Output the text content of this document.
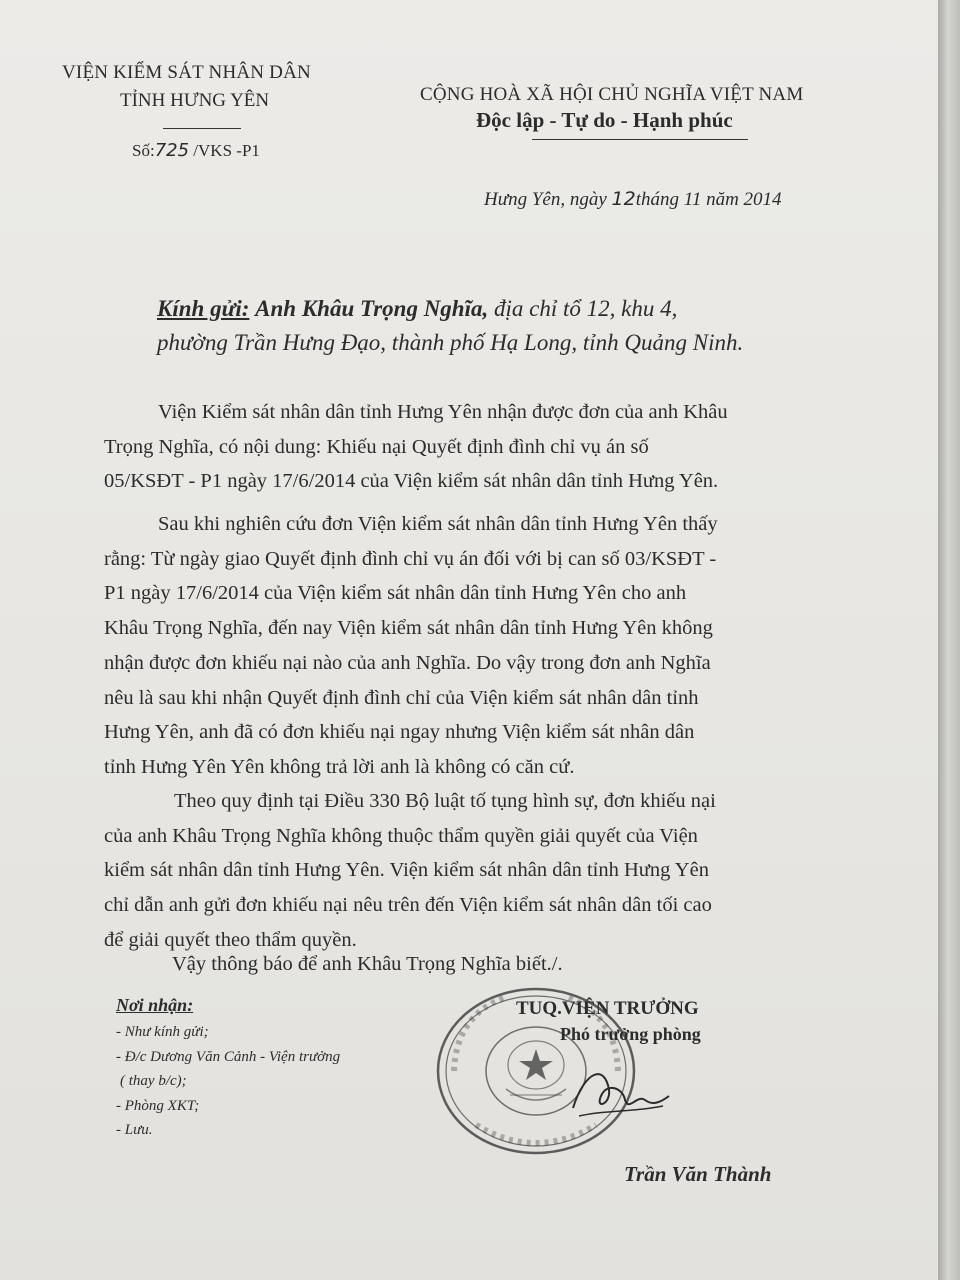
VIỆN KIỂM SÁT NHÂN DÂN
TỈNH HƯNG YÊN
Số:725 /VKS -P1
CỘNG HOÀ XÃ HỘI CHỦ NGHĨA VIỆT NAM
Độc lập - Tự do - Hạnh phúc
Hưng Yên, ngày 12tháng 11 năm 2014
Kính gửi: Anh Khâu Trọng Nghĩa, địa chỉ tổ 12, khu 4,
phường Trần Hưng Đạo, thành phố Hạ Long, tỉnh Quảng Ninh.
Viện Kiểm sát nhân dân tỉnh Hưng Yên nhận được đơn của anh Khâu
Trọng Nghĩa, có nội dung: Khiếu nại Quyết định đình chỉ vụ án số
05/KSĐT - P1 ngày 17/6/2014 của Viện kiểm sát nhân dân tỉnh Hưng Yên.
Sau khi nghiên cứu đơn Viện kiểm sát nhân dân tỉnh Hưng Yên thấy
rằng: Từ ngày giao Quyết định đình chỉ vụ án đối với bị can số 03/KSĐT -
P1 ngày 17/6/2014 của Viện kiểm sát nhân dân tỉnh Hưng Yên cho anh
Khâu Trọng Nghĩa, đến nay Viện kiểm sát nhân dân tỉnh Hưng Yên không
nhận được đơn khiếu nại nào của anh Nghĩa. Do vậy trong đơn anh Nghĩa
nêu là sau khi nhận Quyết định đình chỉ của Viện kiểm sát nhân dân tỉnh
Hưng Yên, anh đã có đơn khiếu nại ngay nhưng Viện kiểm sát nhân dân
tỉnh Hưng Yên Yên không trả lời anh là không có căn cứ.
Theo quy định tại Điều 330 Bộ luật tố tụng hình sự, đơn khiếu nại
của anh Khâu Trọng Nghĩa không thuộc thẩm quyền giải quyết của Viện
kiểm sát nhân dân tỉnh Hưng Yên. Viện kiểm sát nhân dân tỉnh Hưng Yên
chỉ dẫn anh gửi đơn khiếu nại nêu trên đến Viện kiểm sát nhân dân tối cao
để giải quyết theo thẩm quyền.
Vậy thông báo để anh Khâu Trọng Nghĩa biết./.
Nơi nhận:
- Như kính gửi;
- Đ/c Dương Văn Cảnh - Viện trưởng
( thay b/c);
- Phòng XKT;
- Lưu.
TUQ.VIỆN TRƯỞNG
Phó trưởng phòng
Trần Văn Thành
